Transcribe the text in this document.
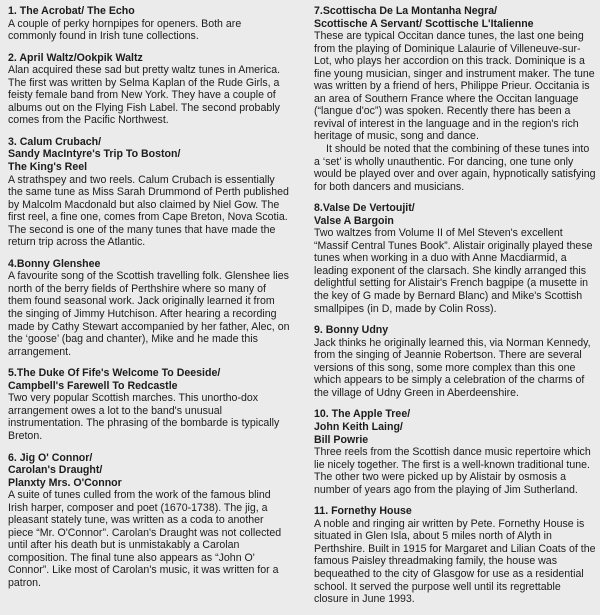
1. The Acrobat/ The Echo

A couple of perky hornpipes for openers. Both are commonly found in Irish tune collections.

2. April Waltz/Ookpik Waltz

Alan acquired these sad but pretty waltz tunes in America. The first was written by Selma Kaplan of the Rude Girls, a feisty female band from New York. They have a couple of albums out on the Flying Fish Label. The second probably comes from the Pacific Northwest.

3. Calum Crubach/
Sandy MacIntyre's Trip To Boston/
The King's Reel

A strathspey and two reels. Calum Crubach is essentially the same tune as Miss Sarah Drummond of Perth published by Malcolm Macdonald but also claimed by Niel Gow. The first reel, a fine one, comes from Cape Breton, Nova Scotia. The second is one of the many tunes that have made the return trip across the Atlantic.

4.Bonny Glenshee

A favourite song of the Scottish travelling folk. Glenshee lies north of the berry fields of Perthshire where so many of them found seasonal work. Jack originally learned it from the singing of Jimmy Hutchison. After hearing a recording made by Cathy Stewart accompanied by her father, Alec, on the ‘goose’ (bag and chanter), Mike and he made this arrangement.

5.The Duke Of Fife's Welcome To Deeside/
Campbell's Farewell To Redcastle

Two very popular Scottish marches. This unortho-dox arrangement owes a lot to the band's unusual instrumentation. The phrasing of the bombarde is typically Breton.

6. Jig O' Connor/
Carolan's Draught/
Planxty Mrs. O'Connor

A suite of tunes culled from the work of the famous blind Irish harper, composer and poet (1670-1738). The jig, a pleasant stately tune, was written as a coda to another piece “Mr. O'Connor”. Carolan's Draught was not collected until after his death but is unmistakably a Carolan composition. The final tune also appears as “John O' Connor”. Like most of Carolan's music, it was written for a patron.

7.Scottischa De La Montanha Negra/
Scottische A Servant/ Scottische L'Italienne

These are typical Occitan dance tunes, the last one being from the playing of Dominique Lalaurie of Villeneuve-sur-Lot, who plays her accordion on this track. Dominique is a fine young musician, singer and instrument maker. The tune was written by a friend of hers, Philippe Prieur. Occitania is an area of Southern France where the Occitan language (“langue d'oc”) was spoken. Recently there has been a revival of interest in the language and in the region's rich heritage of music, song and dance.

It should be noted that the combining of these tunes into a ‘set’ is wholly unauthentic. For dancing, one tune only would be played over and over again, hypnotically satisfying for both dancers and musicians.

8.Valse De Vertoujit/
Valse A Bargoin

Two waltzes from Volume II of Mel Steven's excellent “Massif Central Tunes Book”. Alistair originally played these tunes when working in a duo with Anne Macdiarmid, a leading exponent of the clarsach. She kindly arranged this delightful setting for Alistair's French bagpipe (a musette in the key of G made by Bernard Blanc) and Mike's Scottish smallpipes (in D, made by Colin Ross).

9. Bonny Udny

Jack thinks he originally learned this, via Norman Kennedy, from the singing of Jeannie Robertson. There are several versions of this song, some more complex than this one which appears to be simply a celebration of the charms of the village of Udny Green in Aberdeenshire.

10. The Apple Tree/
John Keith Laing/
Bill Powrie

Three reels from the Scottish dance music repertoire which lie nicely together. The first is a well-known traditional tune. The other two were picked up by Alistair by osmosis a number of years ago from the playing of Jim Sutherland.

11. Fornethy House

A noble and ringing air written by Pete. Fornethy House is situated in Glen Isla, about 5 miles north of Alyth in Perthshire. Built in 1915 for Margaret and Lilian Coats of the famous Paisley threadmaking family, the house was bequeathed to the city of Glasgow for use as a residential school. It served the purpose well until its regrettable closure in June 1993.
